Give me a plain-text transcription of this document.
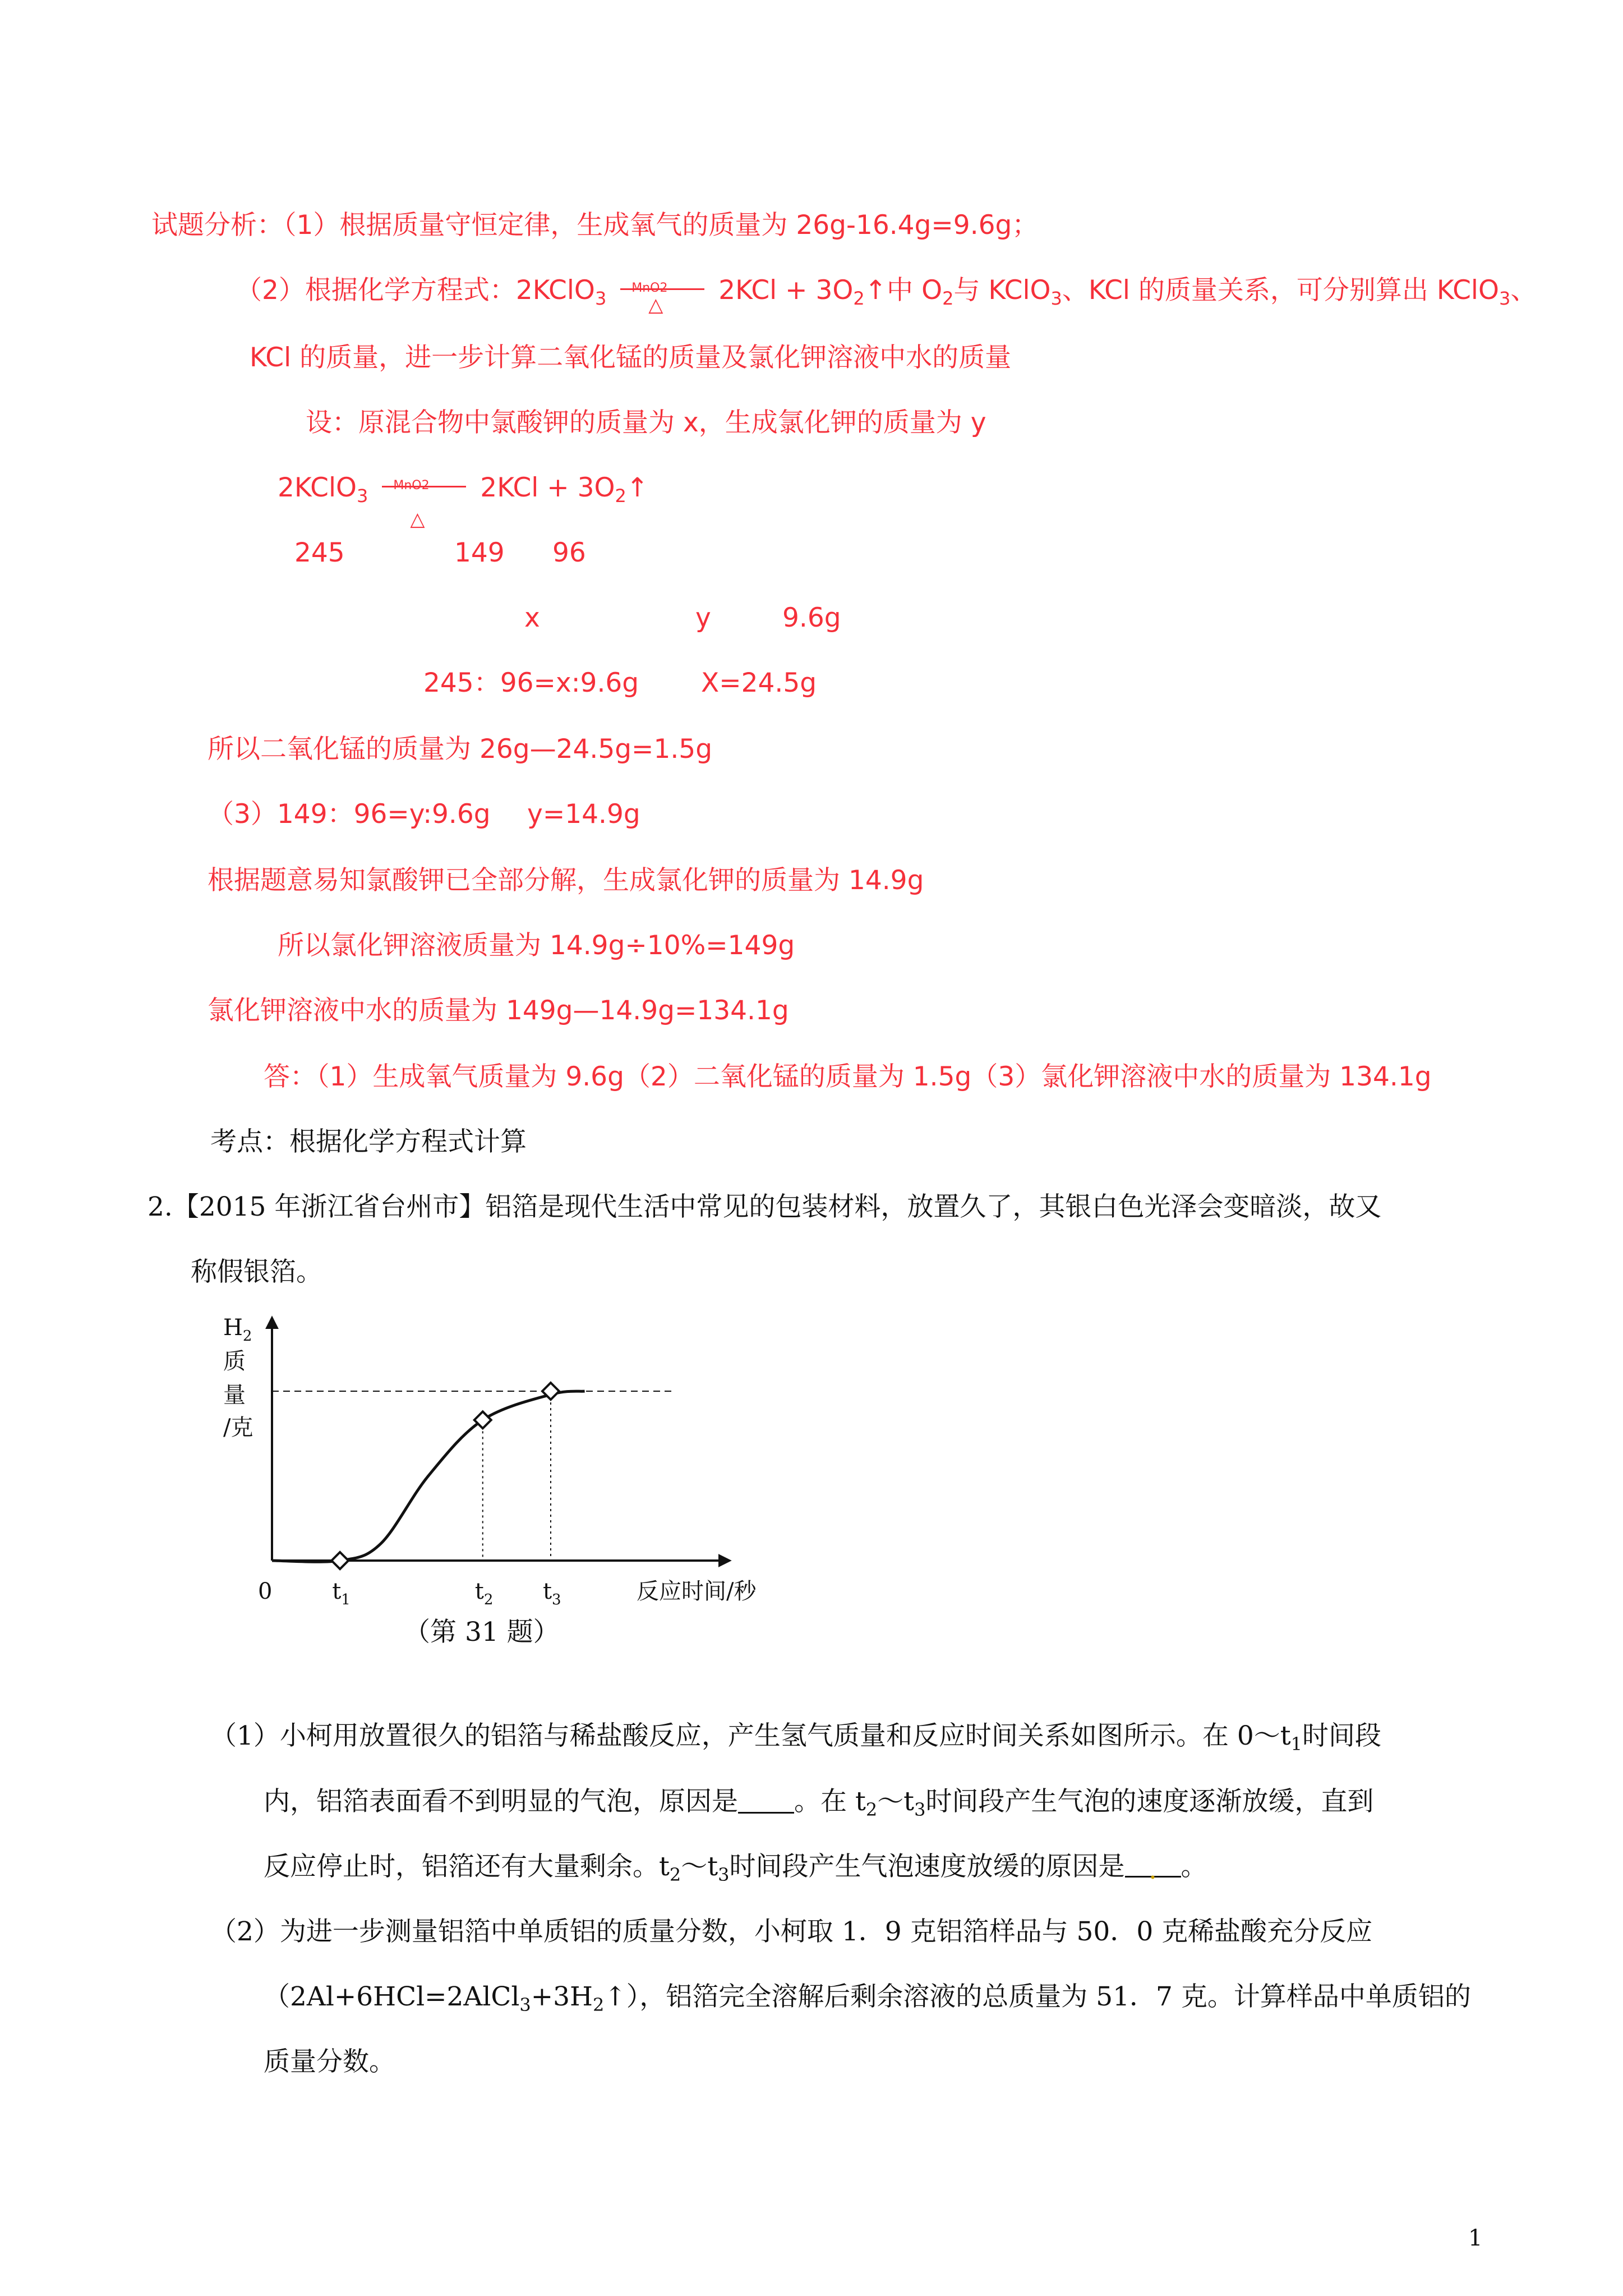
试题分析：（1）根据质量守恒定律，生成氧气的质量为 26g-16.4g=9.6g；
（2）根据化学方程式：2KClO$_3$ MnO2
△ $2KCl + 3O_2↑$中 $O_2$与 KClO$_3$、KCl 的质量关系，可分别算出 KClO$_3$、
KCl 的质量，进一步计算二氧化锰的质量及氯化钾溶液中水的质量
设：原混合物中氯酸钾的质量为 x，生成氯化钾的质量为 y
2KClO$_3$ MnO2
△
$2KCl + 3O_2↑$
245	149 96
x	y	9.6g
245：96=x:9.6g X=24.5g
所以二氧化锰的质量为 26g—24.5g=1.5g
（3）149：96=y:9.6g y=14.9g
根据题意易知氯酸钾已全部分解，生成氯化钾的质量为 14.9g
所以氯化钾溶液质量为 14.9g÷10%=149g
氯化钾溶液中水的质量为 149g—14.9g=134.1g
答：（1）生成氧气质量为 9.6g（2）二氧化锰的质量为 1.5g（3）氯化钾溶液中水的质量为 134.1g
考点：根据化学方程式计算
2.【2015 年浙江省台州市】铝箔是现代生活中常见的包装材料，放置久了，其银白色光泽会变暗淡，故又
称假银箔。
$H_2$
质
量
/克
0	反应时间/秒
$t_1$	$t_2$ $t_3$
（第 31 题）
（1）小柯用放置很久的铝箔与稀盐酸反应，产生氢气质量和反应时间关系如图所示。在 $0\sim t_1$时间段
内，铝箔表面看不到明显的气泡，原因是 。在 $t_2\sim t_3$时间段产生气泡的速度逐渐放缓，直到
反应停止时，铝箔还有大量剩余。$t_2\sim t_3$时间段产生气泡速度放缓的原因是 . 。
（2）为进一步测量铝箔中单质铝的质量分数，小柯取 1．9 克铝箔样品与 50．0 克稀盐酸充分反应
$(2Al+6HCl=2AlCl_3+3H_2↑)$，铝箔完全溶解后剩余溶液的总质量为 51．7 克。计算样品中单质铝的
质量分数。
1
